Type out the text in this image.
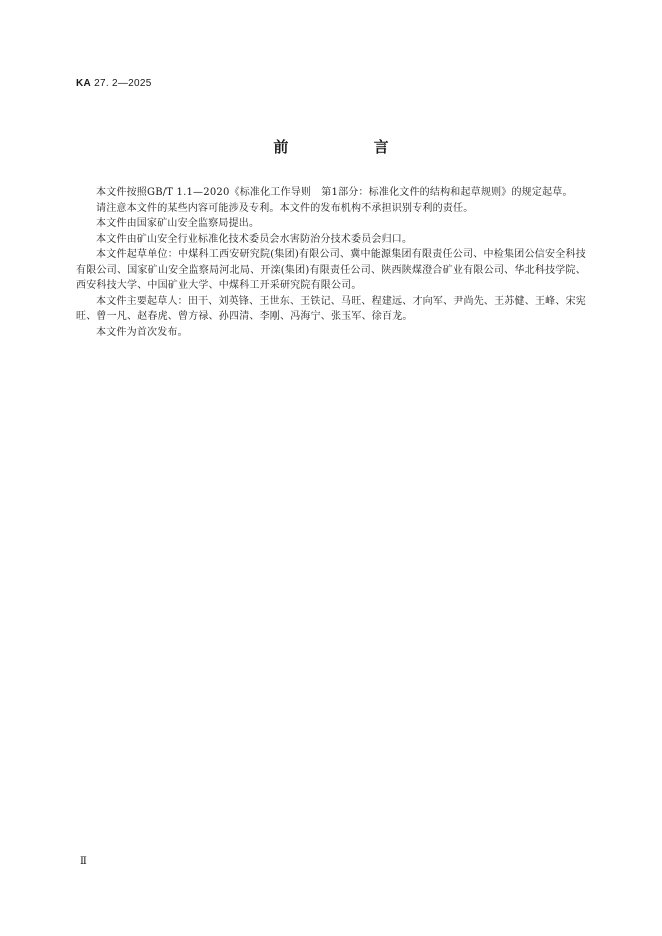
KA 27. 2—2025
前 言

本文件按照GB/T 1.1—2020《标准化工作导则　第1部分：标准化文件的结构和起草规则》的规定起草。

请注意本文件的某些内容可能涉及专利。本文件的发布机构不承担识别专利的责任。

本文件由国家矿山安全监察局提出。

本文件由矿山安全行业标准化技术委员会水害防治分技术委员会归口。

本文件起草单位：中煤科工西安研究院(集团)有限公司、冀中能源集团有限责任公司、中检集团公信安全科技有限公司、国家矿山安全监察局河北局、开滦(集团)有限责任公司、陕西陕煤澄合矿业有限公司、华北科技学院、西安科技大学、中国矿业大学、中煤科工开采研究院有限公司。

本文件主要起草人：田干、刘英锋、王世东、王铁记、马旺、程建远、才向军、尹尚先、王苏健、王峰、宋宪旺、曾一凡、赵春虎、曾方禄、孙四清、李刚、冯海宁、张玉军、徐百龙。

本文件为首次发布。

Ⅱ
